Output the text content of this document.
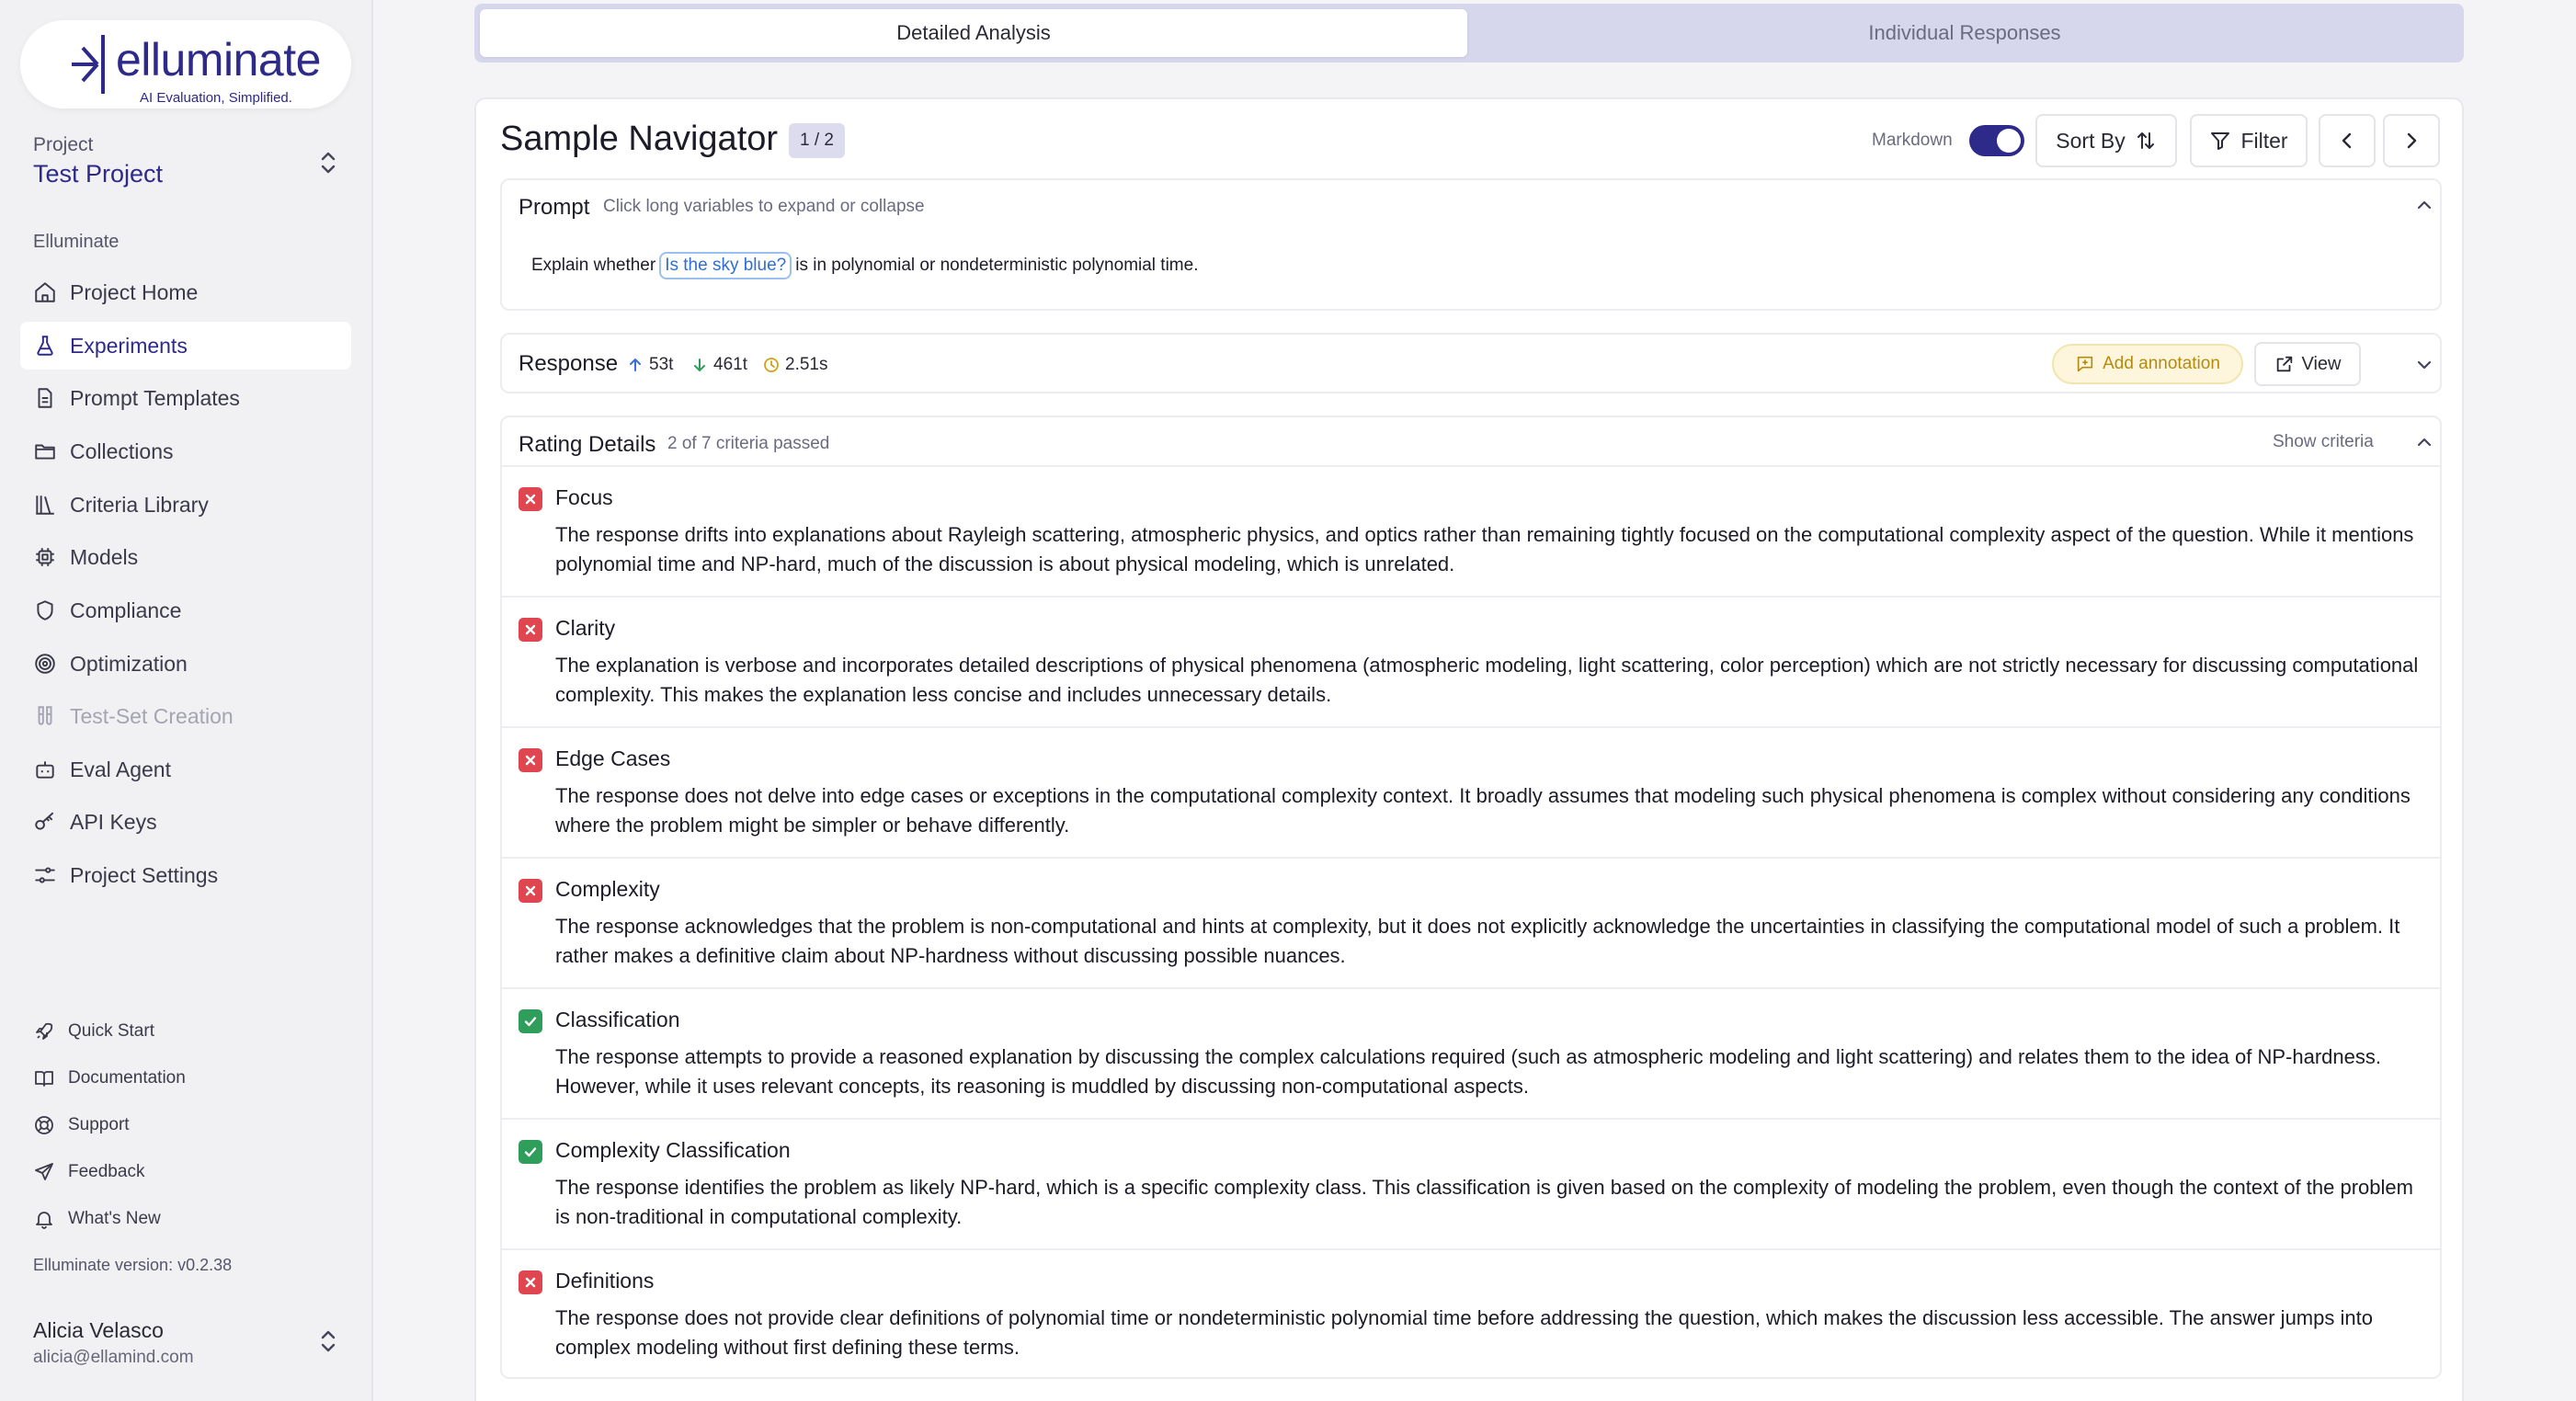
elluminate
AI Evaluation, Simplified.
Project
Test Project
Elluminate
Project Home
Experiments
Prompt Templates
Collections
Criteria Library
Models
Compliance
Optimization
Test-Set Creation
Eval Agent
API Keys
Project Settings
Quick Start
Documentation
Support
Feedback
What's New
Elluminate version: v0.2.38
Alicia Velasco
alicia@ellamind.com
Detailed Analysis	Individual Responses
Sample Navigator	1 / 2	Markdown	Sort By	Filter
Prompt Click long variables to expand or collapse
Explain whether Is the sky blue? is in polynomial or nondeterministic polynomial time.
Response 53t 461t 2.51s	Add annotation	View
Rating Details 2 of 7 criteria passed	Show criteria
Focus

The response drifts into explanations about Rayleigh scattering, atmospheric physics, and optics rather than remaining tightly focused on the computational complexity aspect of the question. While it mentions polynomial time and NP-hard, much of the discussion is about physical modeling, which is unrelated.

Clarity

The explanation is verbose and incorporates detailed descriptions of physical phenomena (atmospheric modeling, light scattering, color perception) which are not strictly necessary for discussing computational complexity. This makes the explanation less concise and includes unnecessary details.

Edge Cases

The response does not delve into edge cases or exceptions in the computational complexity context. It broadly assumes that modeling such physical phenomena is complex without considering any conditions where the problem might be simpler or behave differently.

Complexity

The response acknowledges that the problem is non-computational and hints at complexity, but it does not explicitly acknowledge the uncertainties in classifying the computational model of such a problem. It rather makes a definitive claim about NP-hardness without discussing possible nuances.

Classification

The response attempts to provide a reasoned explanation by discussing the complex calculations required (such as atmospheric modeling and light scattering) and relates them to the idea of NP-hardness. However, while it uses relevant concepts, its reasoning is muddled by discussing non-computational aspects.

Complexity Classification

The response identifies the problem as likely NP-hard, which is a specific complexity class. This classification is given based on the complexity of modeling the problem, even though the context of the problem is non-traditional in computational complexity.

Definitions

The response does not provide clear definitions of polynomial time or nondeterministic polynomial time before addressing the question, which makes the discussion less accessible. The answer jumps into complex modeling without first defining these terms.
